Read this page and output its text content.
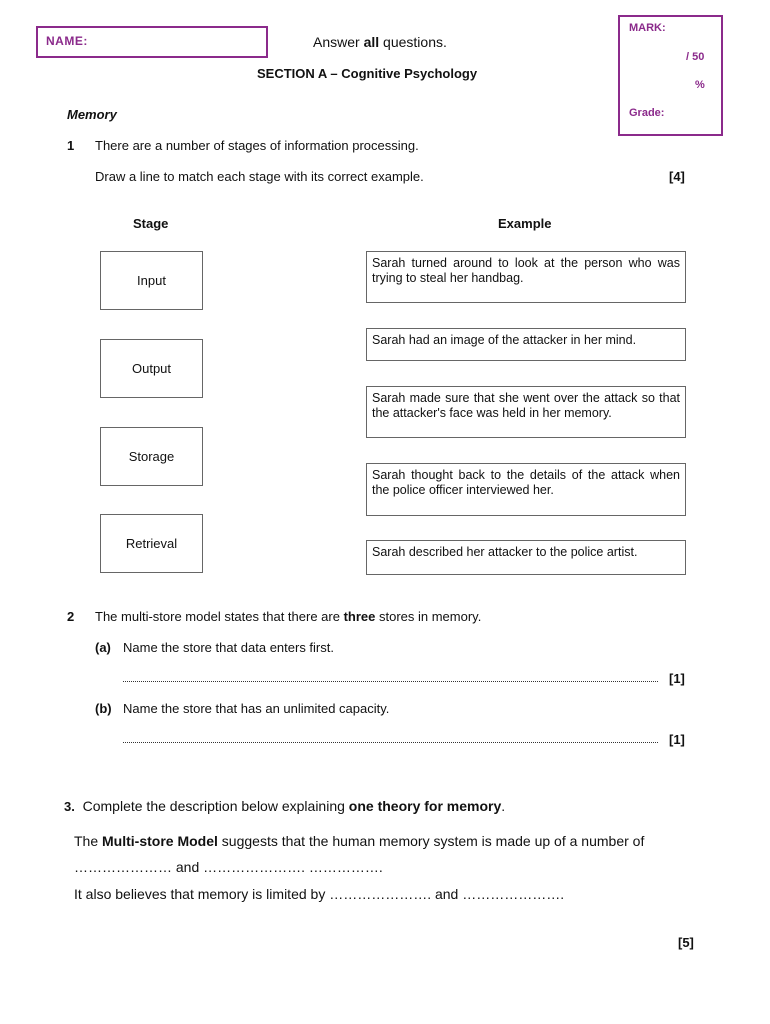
NAME:	Answer all questions.
SECTION A – Cognitive Psychology
MARK:
/ 50
%
Grade:
Memory
1 There are a number of stages of information processing.
Draw a line to match each stage with its correct example.	[4]
Stage	Example
Input
Output
Storage
Retrieval
Sarah turned around to look at the person who was trying to steal her handbag.
Sarah had an image of the attacker in her mind.
Sarah made sure that she went over the attack so that the attacker's face was held in her memory.
Sarah thought back to the details of the attack when the police officer interviewed her.
Sarah described her attacker to the police artist.
2 The multi-store model states that there are three stores in memory.
(a) Name the store that data enters first.
[1]
(b) Name the store that has an unlimited capacity.
[1]
3. Complete the description below explaining one theory for memory.
The Multi-store Model suggests that the human memory system is made up of a number of
………………… and …………………. …………….
It also believes that memory is limited by …………………. and ………………….
[5]
